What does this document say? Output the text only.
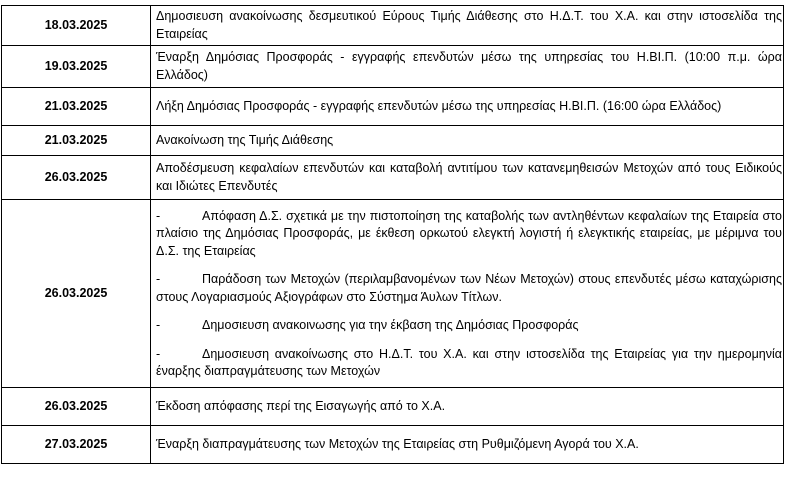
18.03.2025	Δημοσιευση ανακοίνωσης δεσμευτικού Εύρους Τιμής Διάθεσης στο Η.Δ.Τ. του Χ.Α. και στην ιστοσελίδα της Εταιρείας
19.03.2025	Έναρξη Δημόσιας Προσφοράς - εγγραφής επενδυτών μέσω της υπηρεσίας του Η.ΒΙ.Π. (10:00 π.μ. ώρα Ελλάδος)
21.03.2025	Λήξη Δημόσιας Προσφοράς - εγγραφής επενδυτών μέσω της υπηρεσίας Η.ΒΙ.Π. (16:00 ώρα Ελλάδος)
21.03.2025	Ανακοίνωση της Τιμής Διάθεσης
26.03.2025	Αποδέσμευση κεφαλαίων επενδυτών και καταβολή αντιτίμου των κατανεμηθεισών Μετοχών από τους Ειδικούς και Ιδιώτες Επενδυτές
26.03.2025	- Απόφαση Δ.Σ. σχετικά με την πιστοποίηση της καταβολής των αντληθέντων κεφαλαίων της Εταιρεία στο πλαίσιο της Δημόσιας Προσφοράς, με έκθεση ορκωτού ελεγκτή λογιστή ή ελεγκτικής εταιρείας, με μέριμνα του Δ.Σ. της Εταιρείας

- Παράδοση των Μετοχών (περιλαμβανομένων των Νέων Μετοχών) στους επενδυτές μέσω καταχώρισης στους Λογαριασμούς Αξιογράφων στο Σύστημα Άυλων Τίτλων.

- Δημοσιευση ανακοινωσης για την έκβαση της Δημόσιας Προσφοράς

- Δημοσιευση ανακοίνωσης στο Η.Δ.Τ. του Χ.Α. και στην ιστοσελίδα της Εταιρείας για την ημερομηνία έναρξης διαπραγμάτευσης των Μετοχών

26.03.2025	Έκδοση απόφασης περί της Εισαγωγής από το Χ.Α.
27.03.2025	Έναρξη διαπραγμάτευσης των Μετοχών της Εταιρείας στη Ρυθμιζόμενη Αγορά του Χ.Α.
